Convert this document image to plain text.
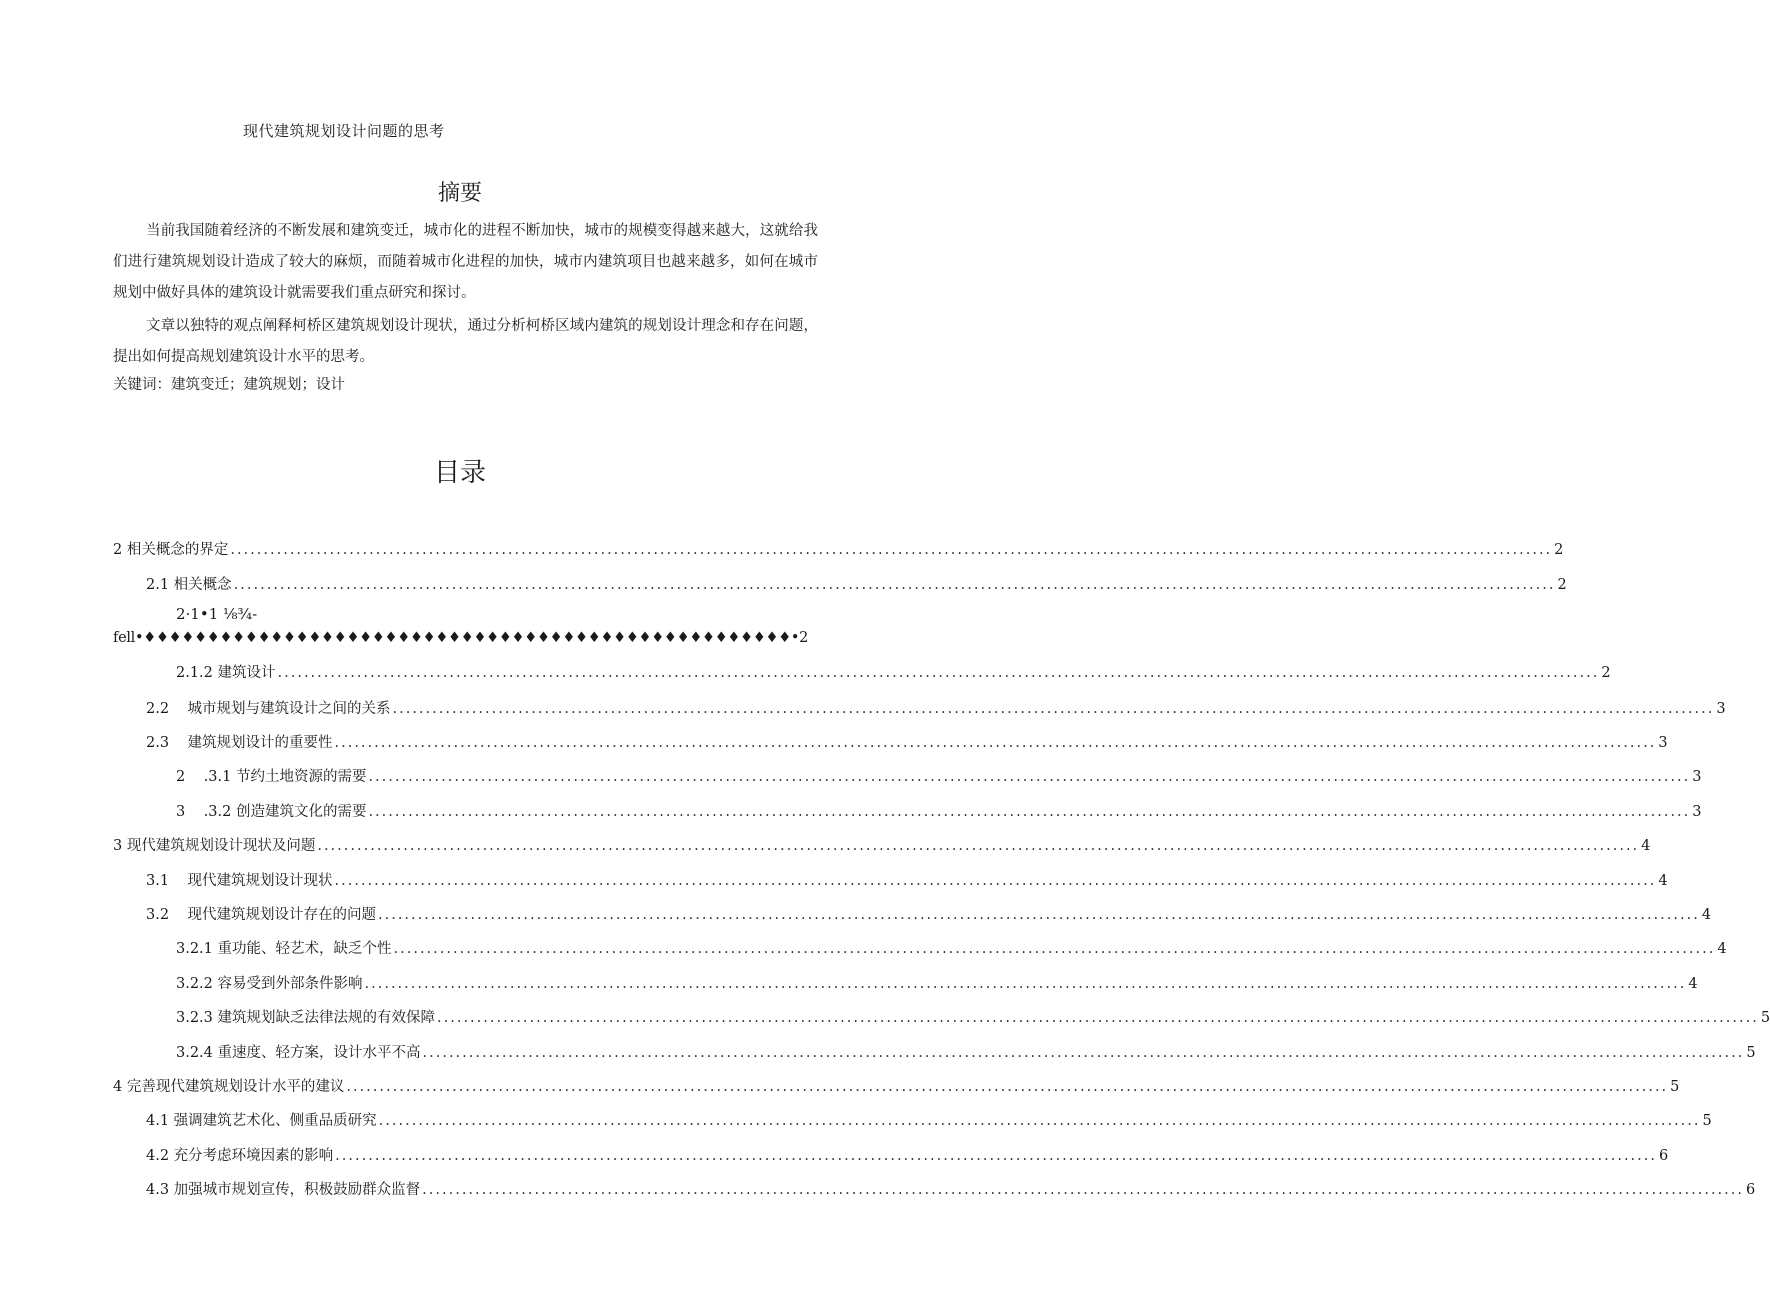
现代建筑规划设计问题的思考
摘要
当前我国随着经济的不断发展和建筑变迁，城市化的进程不断加快，城市的规模变得越来越大，这就给我们进行建筑规划设计造成了较大的麻烦，而随着城市化进程的加快，城市内建筑项目也越来越多，如何在城市规划中做好具体的建筑设计就需要我们重点研究和探讨。
文章以独特的观点阐释柯桥区建筑规划设计现状，通过分析柯桥区域内建筑的规划设计理念和存在问题，提出如何提高规划建筑设计水平的思考。
关键词：建筑变迁；建筑规划；设计
目录
2 相关概念的界定 ........................................................................................................................................................................................................ 2
2.1 相关概念 ........................................................................................................................................................................................................ 2
2·1•1 ⅛¾-
fell•♦♦♦♦♦♦♦♦♦♦♦♦♦♦♦♦♦♦♦♦♦♦♦♦♦♦♦♦♦♦♦♦♦♦♦♦♦♦♦♦♦♦♦♦♦♦♦♦♦♦♦•2
2.1.2 建筑设计 ........................................................................................................................................................................................................ 2
2.2    城市规划与建筑设计之间的关系 ........................................................................................................................................................................................................ 3
2.3    建筑规划设计的重要性 ........................................................................................................................................................................................................ 3
2    .3.1 节约土地资源的需要 ........................................................................................................................................................................................................ 3
3    .3.2 创造建筑文化的需要 ........................................................................................................................................................................................................ 3
3 现代建筑规划设计现状及问题 ........................................................................................................................................................................................................ 4
3.1    现代建筑规划设计现状 ........................................................................................................................................................................................................ 4
3.2    现代建筑规划设计存在的问题 ........................................................................................................................................................................................................ 4
3.2.1 重功能、轻艺术，缺乏个性 ........................................................................................................................................................................................................ 4
3.2.2 容易受到外部条件影响 ........................................................................................................................................................................................................ 4
3.2.3 建筑规划缺乏法律法规的有效保障 ........................................................................................................................................................................................................ 5
3.2.4 重速度、轻方案，设计水平不高 ........................................................................................................................................................................................................ 5
4 完善现代建筑规划设计水平的建议 ........................................................................................................................................................................................................ 5
4.1 强调建筑艺术化、侧重品质研究 ........................................................................................................................................................................................................ 5
4.2 充分考虑环境因素的影响 ........................................................................................................................................................................................................ 6
4.3 加强城市规划宣传，积极鼓励群众监督 ........................................................................................................................................................................................................ 6
